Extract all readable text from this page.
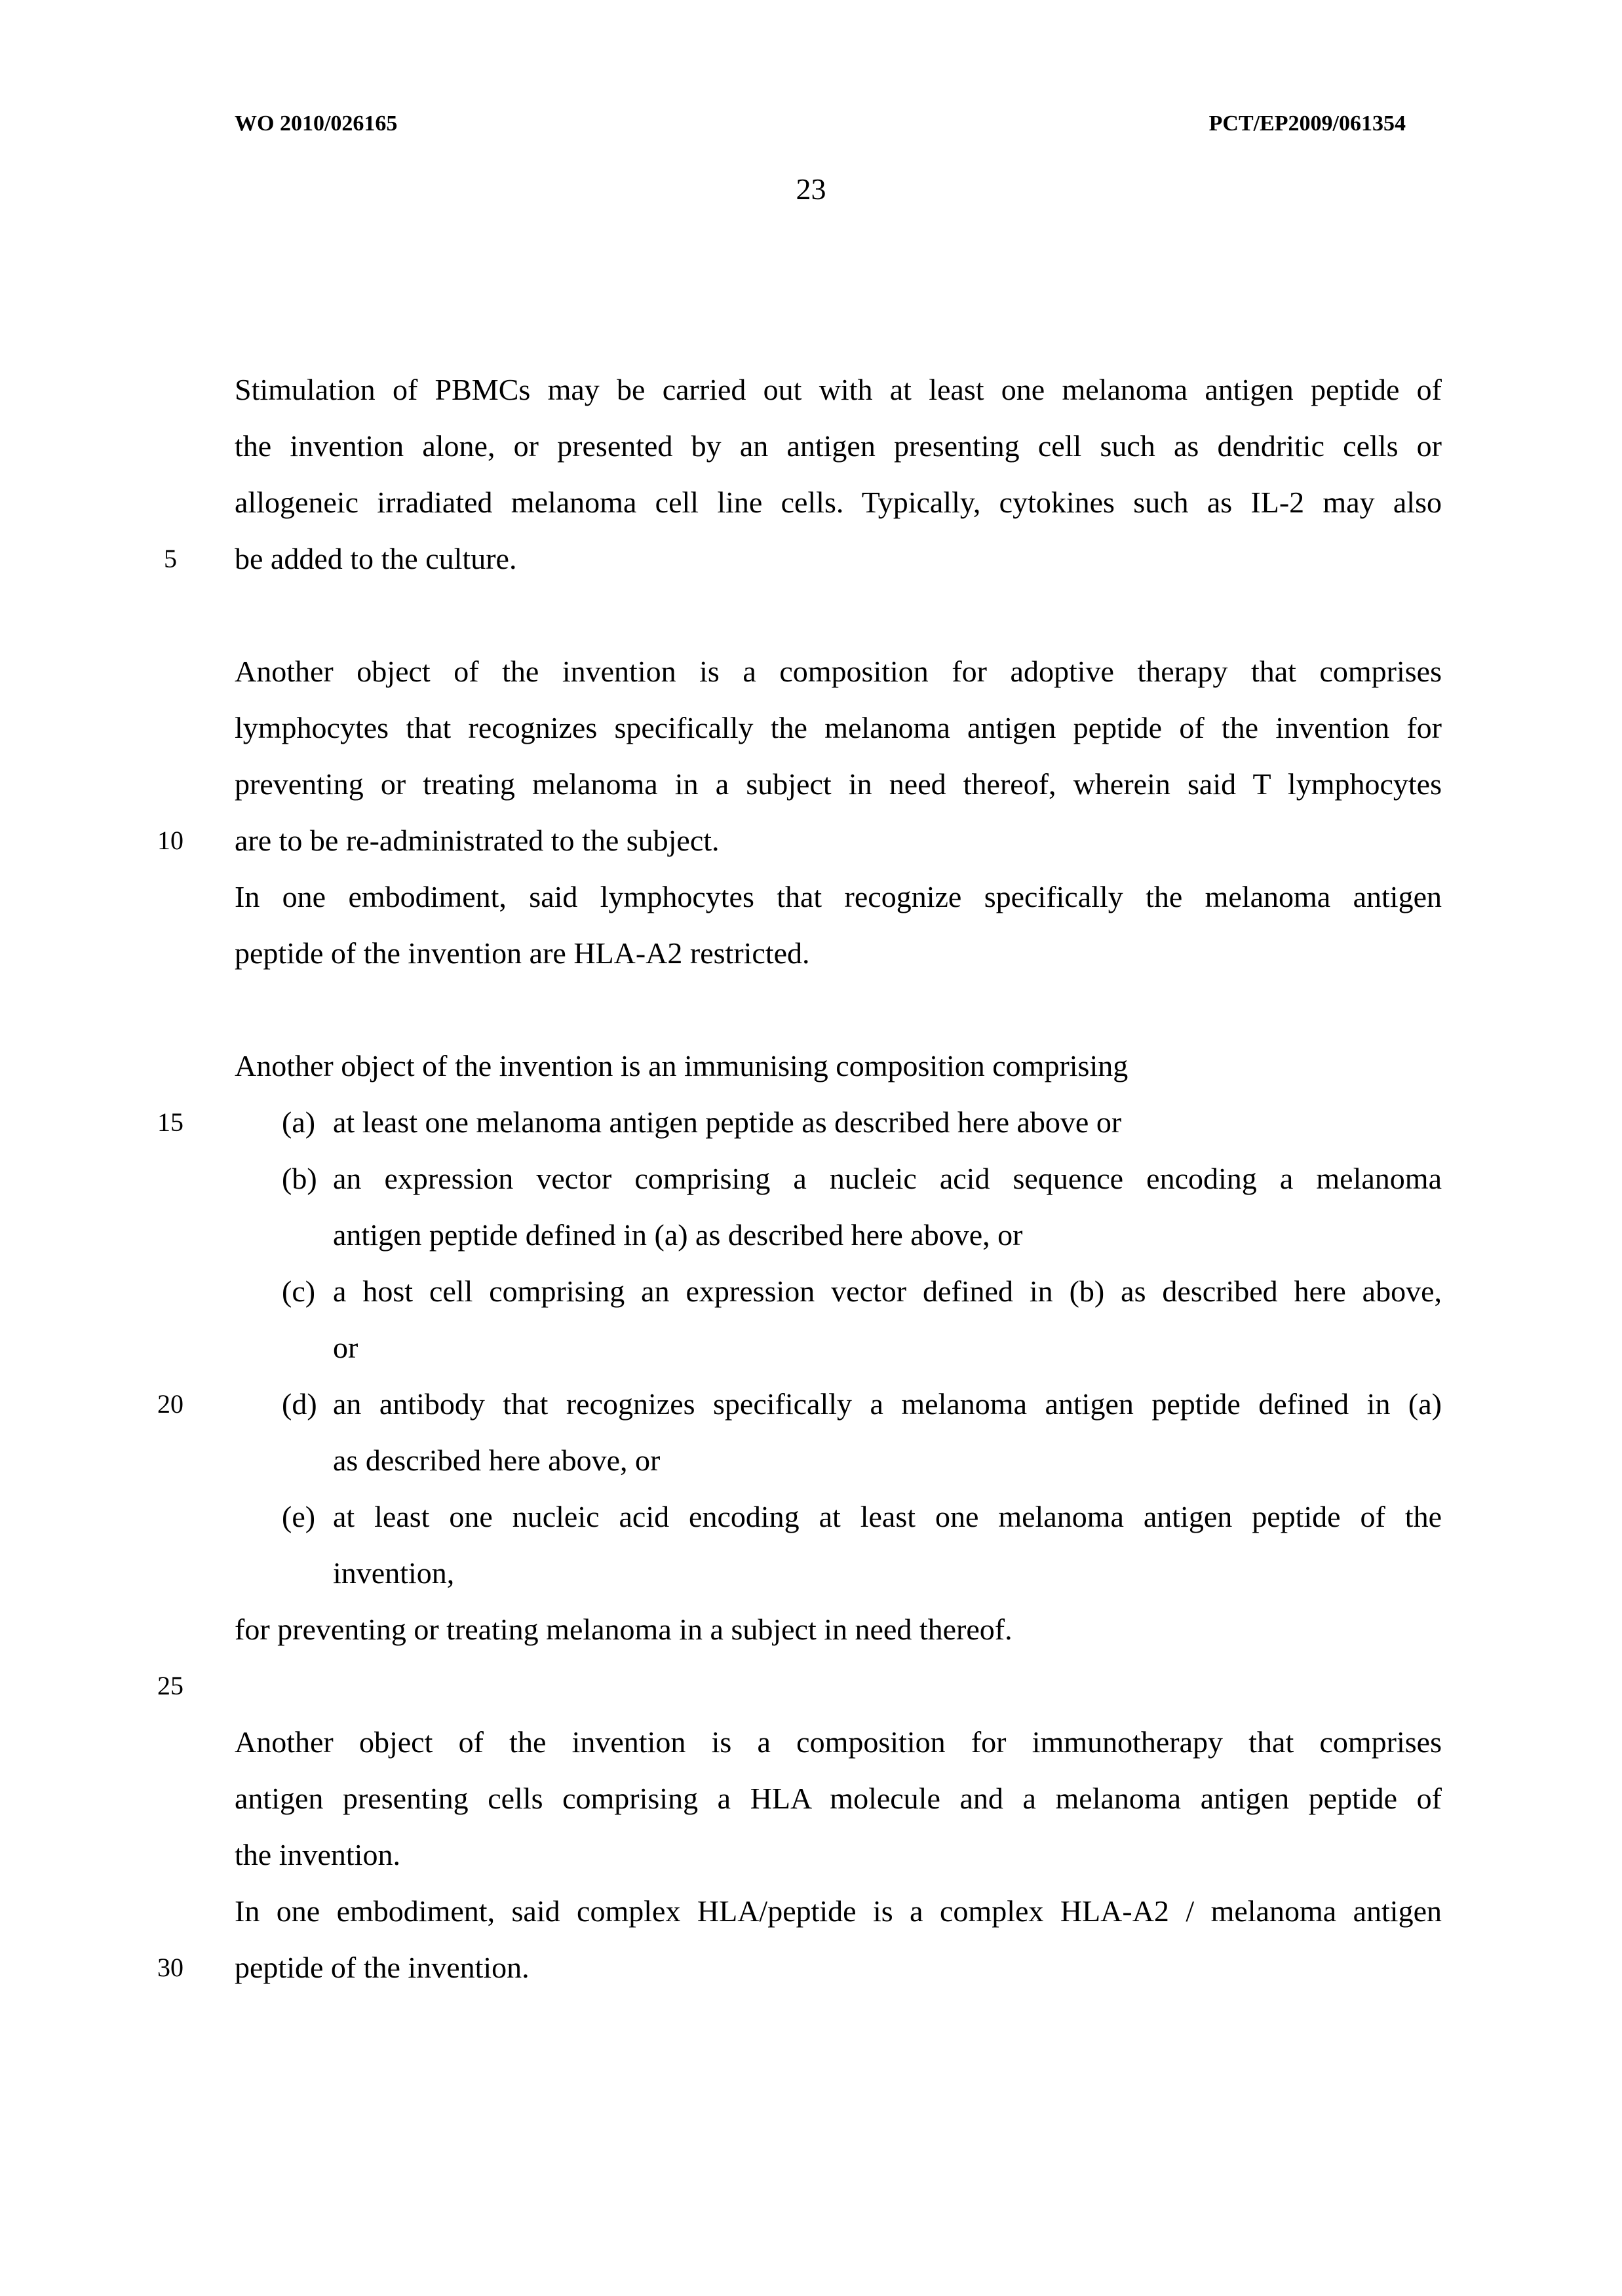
WO 2010/026165	PCT/EP2009/061354
23
Stimulation of PBMCs may be carried out with at least one melanoma antigen peptide of
the invention alone, or presented by an antigen presenting cell such as dendritic cells or
allogeneic irradiated melanoma cell line cells. Typically, cytokines such as IL-2 may also
be added to the culture.
5
Another object of the invention is a composition for adoptive therapy that comprises
lymphocytes that recognizes specifically the melanoma antigen peptide of the invention for
preventing or treating melanoma in a subject in need thereof, wherein said T lymphocytes
are to be re-administrated to the subject.
In one embodiment, said lymphocytes that recognize specifically the melanoma antigen
peptide of the invention are HLA-A2 restricted.
10
Another object of the invention is an immunising composition comprising
(a) at least one melanoma antigen peptide as described here above or
(b) an expression vector comprising a nucleic acid sequence encoding a melanoma
antigen peptide defined in (a) as described here above, or
(c) a host cell comprising an expression vector defined in (b) as described here above,
or
(d) an antibody that recognizes specifically a melanoma antigen peptide defined in (a)
as described here above, or
(e) at least one nucleic acid encoding at least one melanoma antigen peptide of the
invention,
for preventing or treating melanoma in a subject in need thereof.
15
20
25
Another object of the invention is a composition for immunotherapy that comprises
antigen presenting cells comprising a HLA molecule and a melanoma antigen peptide of
the invention.
In one embodiment, said complex HLA/peptide is a complex HLA-A2 / melanoma antigen
peptide of the invention.
30
